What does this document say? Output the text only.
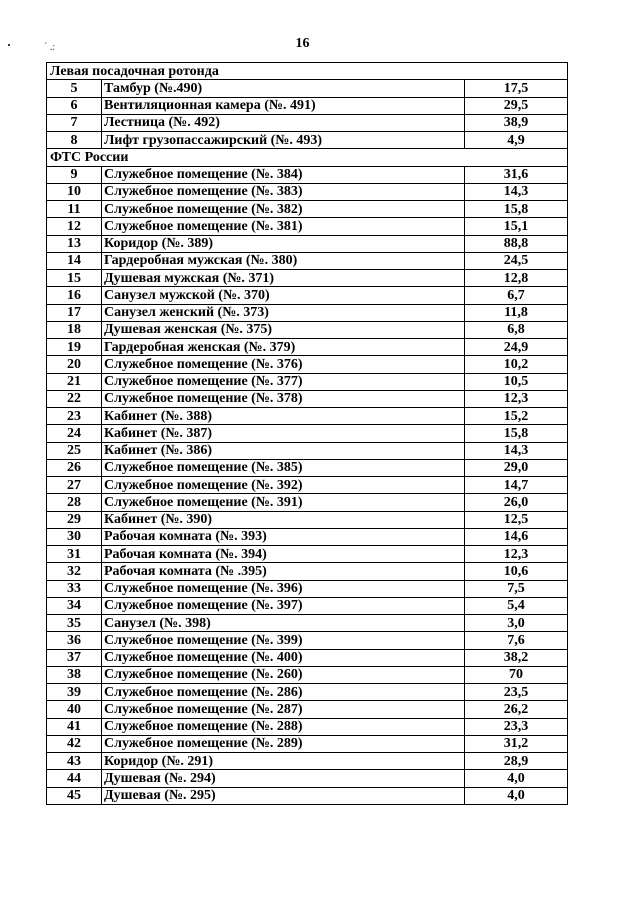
16
ˊ .:
Левая посадочная ротонда		
5	Тамбур (№.490)	17,5
6	Вентиляционная камера (№. 491)	29,5
7	Лестница (№. 492)	38,9
8	Лифт грузопассажирский (№. 493)	4,9
ФТС России		
9	Служебное помещение (№. 384)	31,6
10	Служебное помещение (№. 383)	14,3
11	Служебное помещение (№. 382)	15,8
12	Служебное помещение (№. 381)	15,1
13	Коридор (№. 389)	88,8
14	Гардеробная мужская (№. 380)	24,5
15	Душевая мужская (№. 371)	12,8
16	Санузел мужской (№. 370)	6,7
17	Санузел женский (№. 373)	11,8
18	Душевая женская (№. 375)	6,8
19	Гардеробная женская (№. 379)	24,9
20	Служебное помещение (№. 376)	10,2
21	Служебное помещение (№. 377)	10,5
22	Служебное помещение (№. 378)	12,3
23	Кабинет (№. 388)	15,2
24	Кабинет (№. 387)	15,8
25	Кабинет (№. 386)	14,3
26	Служебное помещение (№. 385)	29,0
27	Служебное помещение (№. 392)	14,7
28	Служебное помещение (№. 391)	26,0
29	Кабинет (№. 390)	12,5
30	Рабочая комната (№. 393)	14,6
31	Рабочая комната (№. 394)	12,3
32	Рабочая комната (№ .395)	10,6
33	Служебное помещение (№. 396)	7,5
34	Служебное помещение (№. 397)	5,4
35	Санузел (№. 398)	3,0
36	Служебное помещение (№. 399)	7,6
37	Служебное помещение (№. 400)	38,2
38	Служебное помещение (№. 260)	70
39	Служебное помещение (№. 286)	23,5
40	Служебное помещение (№. 287)	26,2
41	Служебное помещение (№. 288)	23,3
42	Служебное помещение (№. 289)	31,2
43	Коридор (№. 291)	28,9
44	Душевая (№. 294)	4,0
45	Душевая (№. 295)	4,0
